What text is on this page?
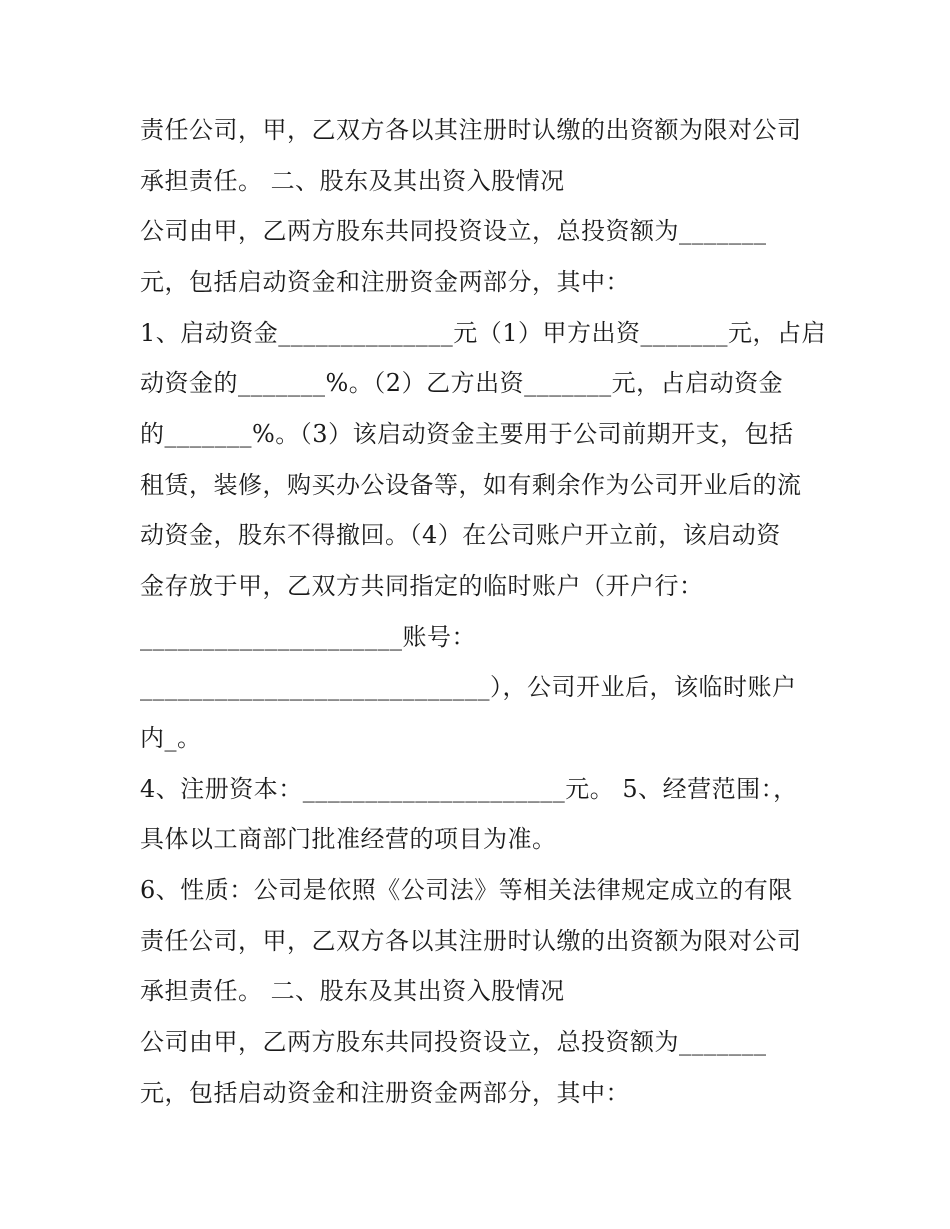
责任公司，甲，乙双方各以其注册时认缴的出资额为限对公司
承担责任。 二、股东及其出资入股情况
公司由甲，乙两方股东共同投资设立，总投资额为_______
元，包括启动资金和注册资金两部分，其中：
1、启动资金______________元（1）甲方出资_______元，占启
动资金的_______%。（2）乙方出资_______元，占启动资金
的_______%。（3）该启动资金主要用于公司前期开支，包括
租赁，装修，购买办公设备等，如有剩余作为公司开业后的流
动资金，股东不得撤回。（4）在公司账户开立前，该启动资
金存放于甲，乙双方共同指定的临时账户（开户行：
_____________________账号：
____________________________），公司开业后，该临时账户
内_。
4、注册资本：_____________________元。 5、经营范围：，
具体以工商部门批准经营的项目为准。
6、性质：公司是依照《公司法》等相关法律规定成立的有限
责任公司，甲，乙双方各以其注册时认缴的出资额为限对公司
承担责任。 二、股东及其出资入股情况
公司由甲，乙两方股东共同投资设立，总投资额为_______
元，包括启动资金和注册资金两部分，其中：
